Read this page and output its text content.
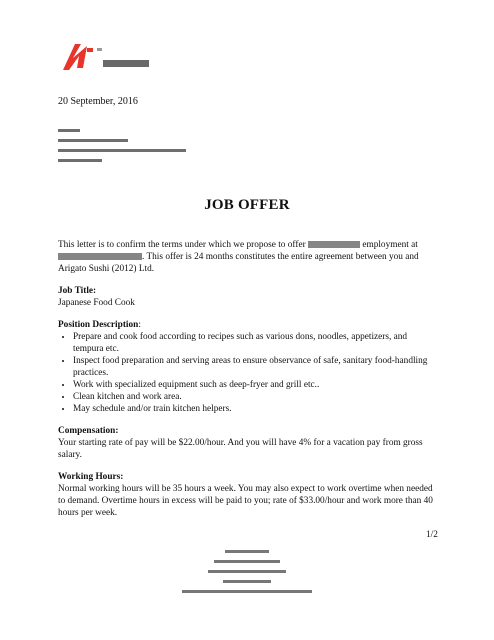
20 September, 2016
JOB OFFER

This letter is to confirm the terms under which we propose to offer	employment at . This offer is 24 months constitutes the entire agreement between you and Arigato Sushi (2012) Ltd.

Job Title:
Japanese Food Cook
Position Description:
• Prepare and cook food according to recipes such as various dons, noodles, appetizers, and tempura etc.
• Inspect food preparation and serving areas to ensure observance of safe, sanitary food-handling practices.
• Work with specialized equipment such as deep-fryer and grill etc..
• Clean kitchen and work area.
• May schedule and/or train kitchen helpers.
Compensation:
Your starting rate of pay will be $22.00/hour. And you will have 4% for a vacation pay from gross salary.
Working Hours:
Normal working hours will be 35 hours a week. You may also expect to work overtime when needed to demand. Overtime hours in excess will be paid to you; rate of $33.00/hour and work more than 40 hours per week.
1/2
